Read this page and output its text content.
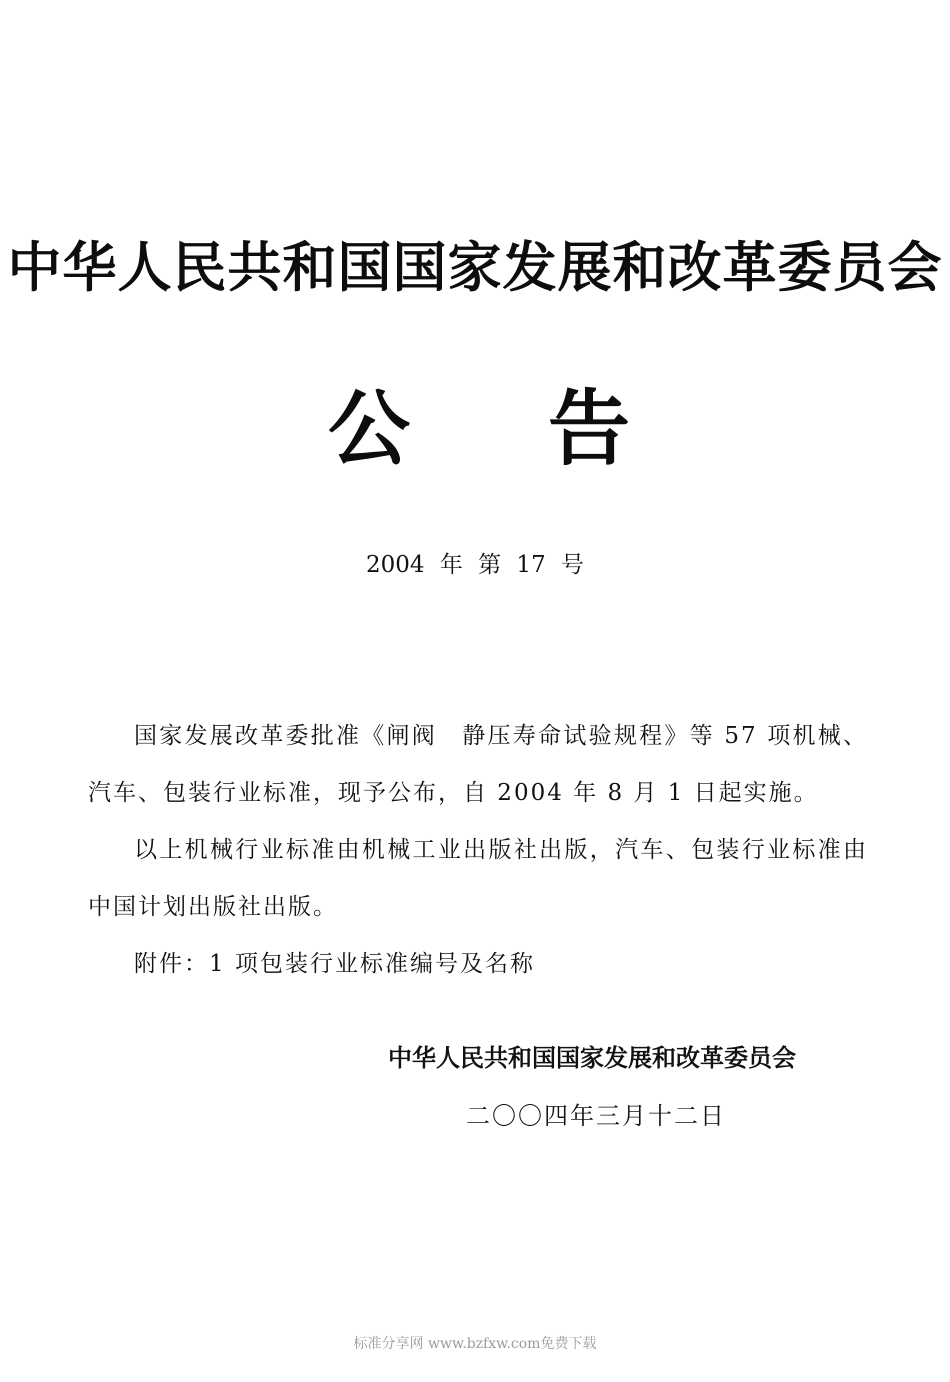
中华人民共和国国家发展和改革委员会
公 告
2004 年 第 17 号

国家发展改革委批准《闸阀　静压寿命试验规程》等 57 项机械、汽车、包装行业标准，现予公布，自 2004 年 8 月 1 日起实施。

以上机械行业标准由机械工业出版社出版，汽车、包装行业标准由中国计划出版社出版。

附件：1 项包装行业标准编号及名称

中华人民共和国国家发展和改革委员会
二〇〇四年三月十二日
标准分享网 www.bzfxw.com免费下载
